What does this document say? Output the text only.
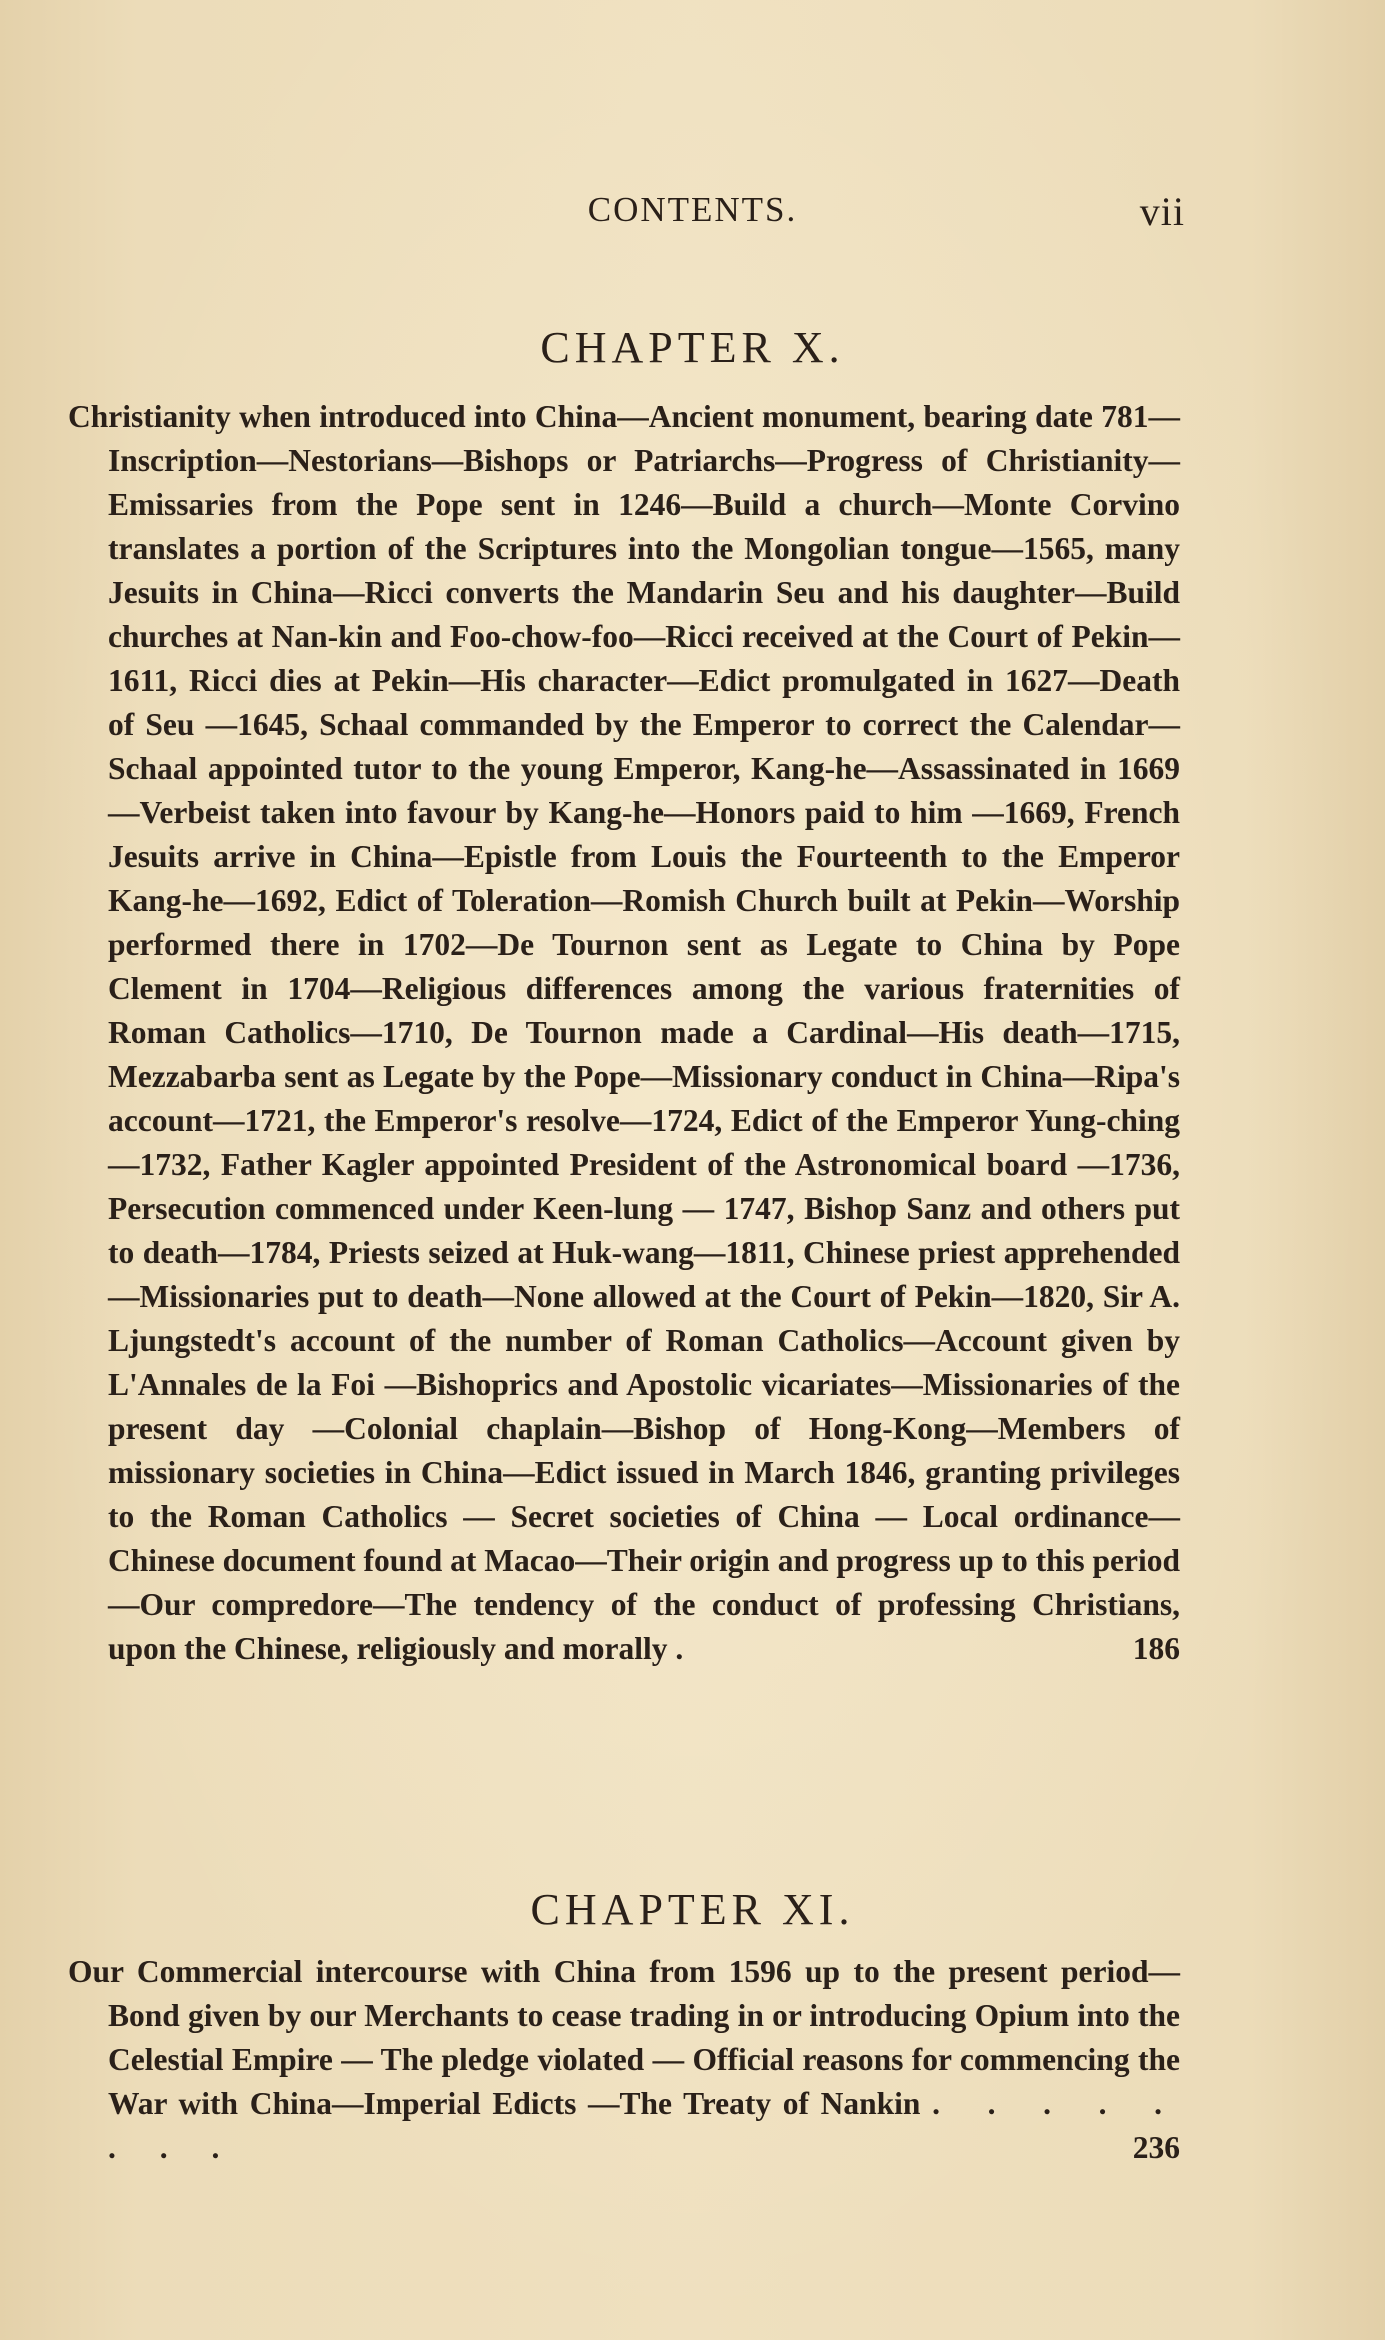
CONTENTS.	vii
CHAPTER X.

Christianity when introduced into China—Ancient monument, bearing date 781—Inscription—Nestorians—Bishops or Patriarchs—Progress of Christianity—Emissaries from the Pope sent in 1246—Build a church—Monte Corvino translates a portion of the Scriptures into the Mongolian tongue—1565, many Jesuits in China—Ricci converts the Mandarin Seu and his daughter—Build churches at Nan-kin and Foo-chow-foo—Ricci received at the Court of Pekin—1611, Ricci dies at Pekin—His character—Edict promulgated in 1627—Death of Seu —1645, Schaal commanded by the Emperor to correct the Calendar—Schaal appointed tutor to the young Emperor, Kang-he—Assassinated in 1669—Verbeist taken into favour by Kang-he—Honors paid to him —1669, French Jesuits arrive in China—Epistle from Louis the Fourteenth to the Emperor Kang-he—1692, Edict of Toleration—Romish Church built at Pekin—Worship performed there in 1702—De Tournon sent as Legate to China by Pope Clement in 1704—Religious differences among the various fraternities of Roman Catholics—1710, De Tournon made a Cardinal—His death—1715, Mezzabarba sent as Legate by the Pope—Missionary conduct in China—Ripa's account—1721, the Emperor's resolve—1724, Edict of the Emperor Yung-ching —1732, Father Kagler appointed President of the Astronomical board —1736, Persecution commenced under Keen-lung — 1747, Bishop Sanz and others put to death—1784, Priests seized at Huk-wang—1811, Chinese priest apprehended—Missionaries put to death—None allowed at the Court of Pekin—1820, Sir A. Ljungstedt's account of the number of Roman Catholics—Account given by L'Annales de la Foi —Bishoprics and Apostolic vicariates—Missionaries of the present day —Colonial chaplain—Bishop of Hong-Kong—Members of missionary societies in China—Edict issued in March 1846, granting privileges to the Roman Catholics — Secret societies of China — Local ordinance—Chinese document found at Macao—Their origin and progress up to this period—Our compredore—The tendency of the conduct of professing Christians, upon the Chinese, religiously and morally .	186

CHAPTER XI.

Our Commercial intercourse with China from 1596 up to the present period—Bond given by our Merchants to cease trading in or introducing Opium into the Celestial Empire — The pledge violated — Official reasons for commencing the War with China—Imperial Edicts —The Treaty of Nankin . . . . . . . .	236
